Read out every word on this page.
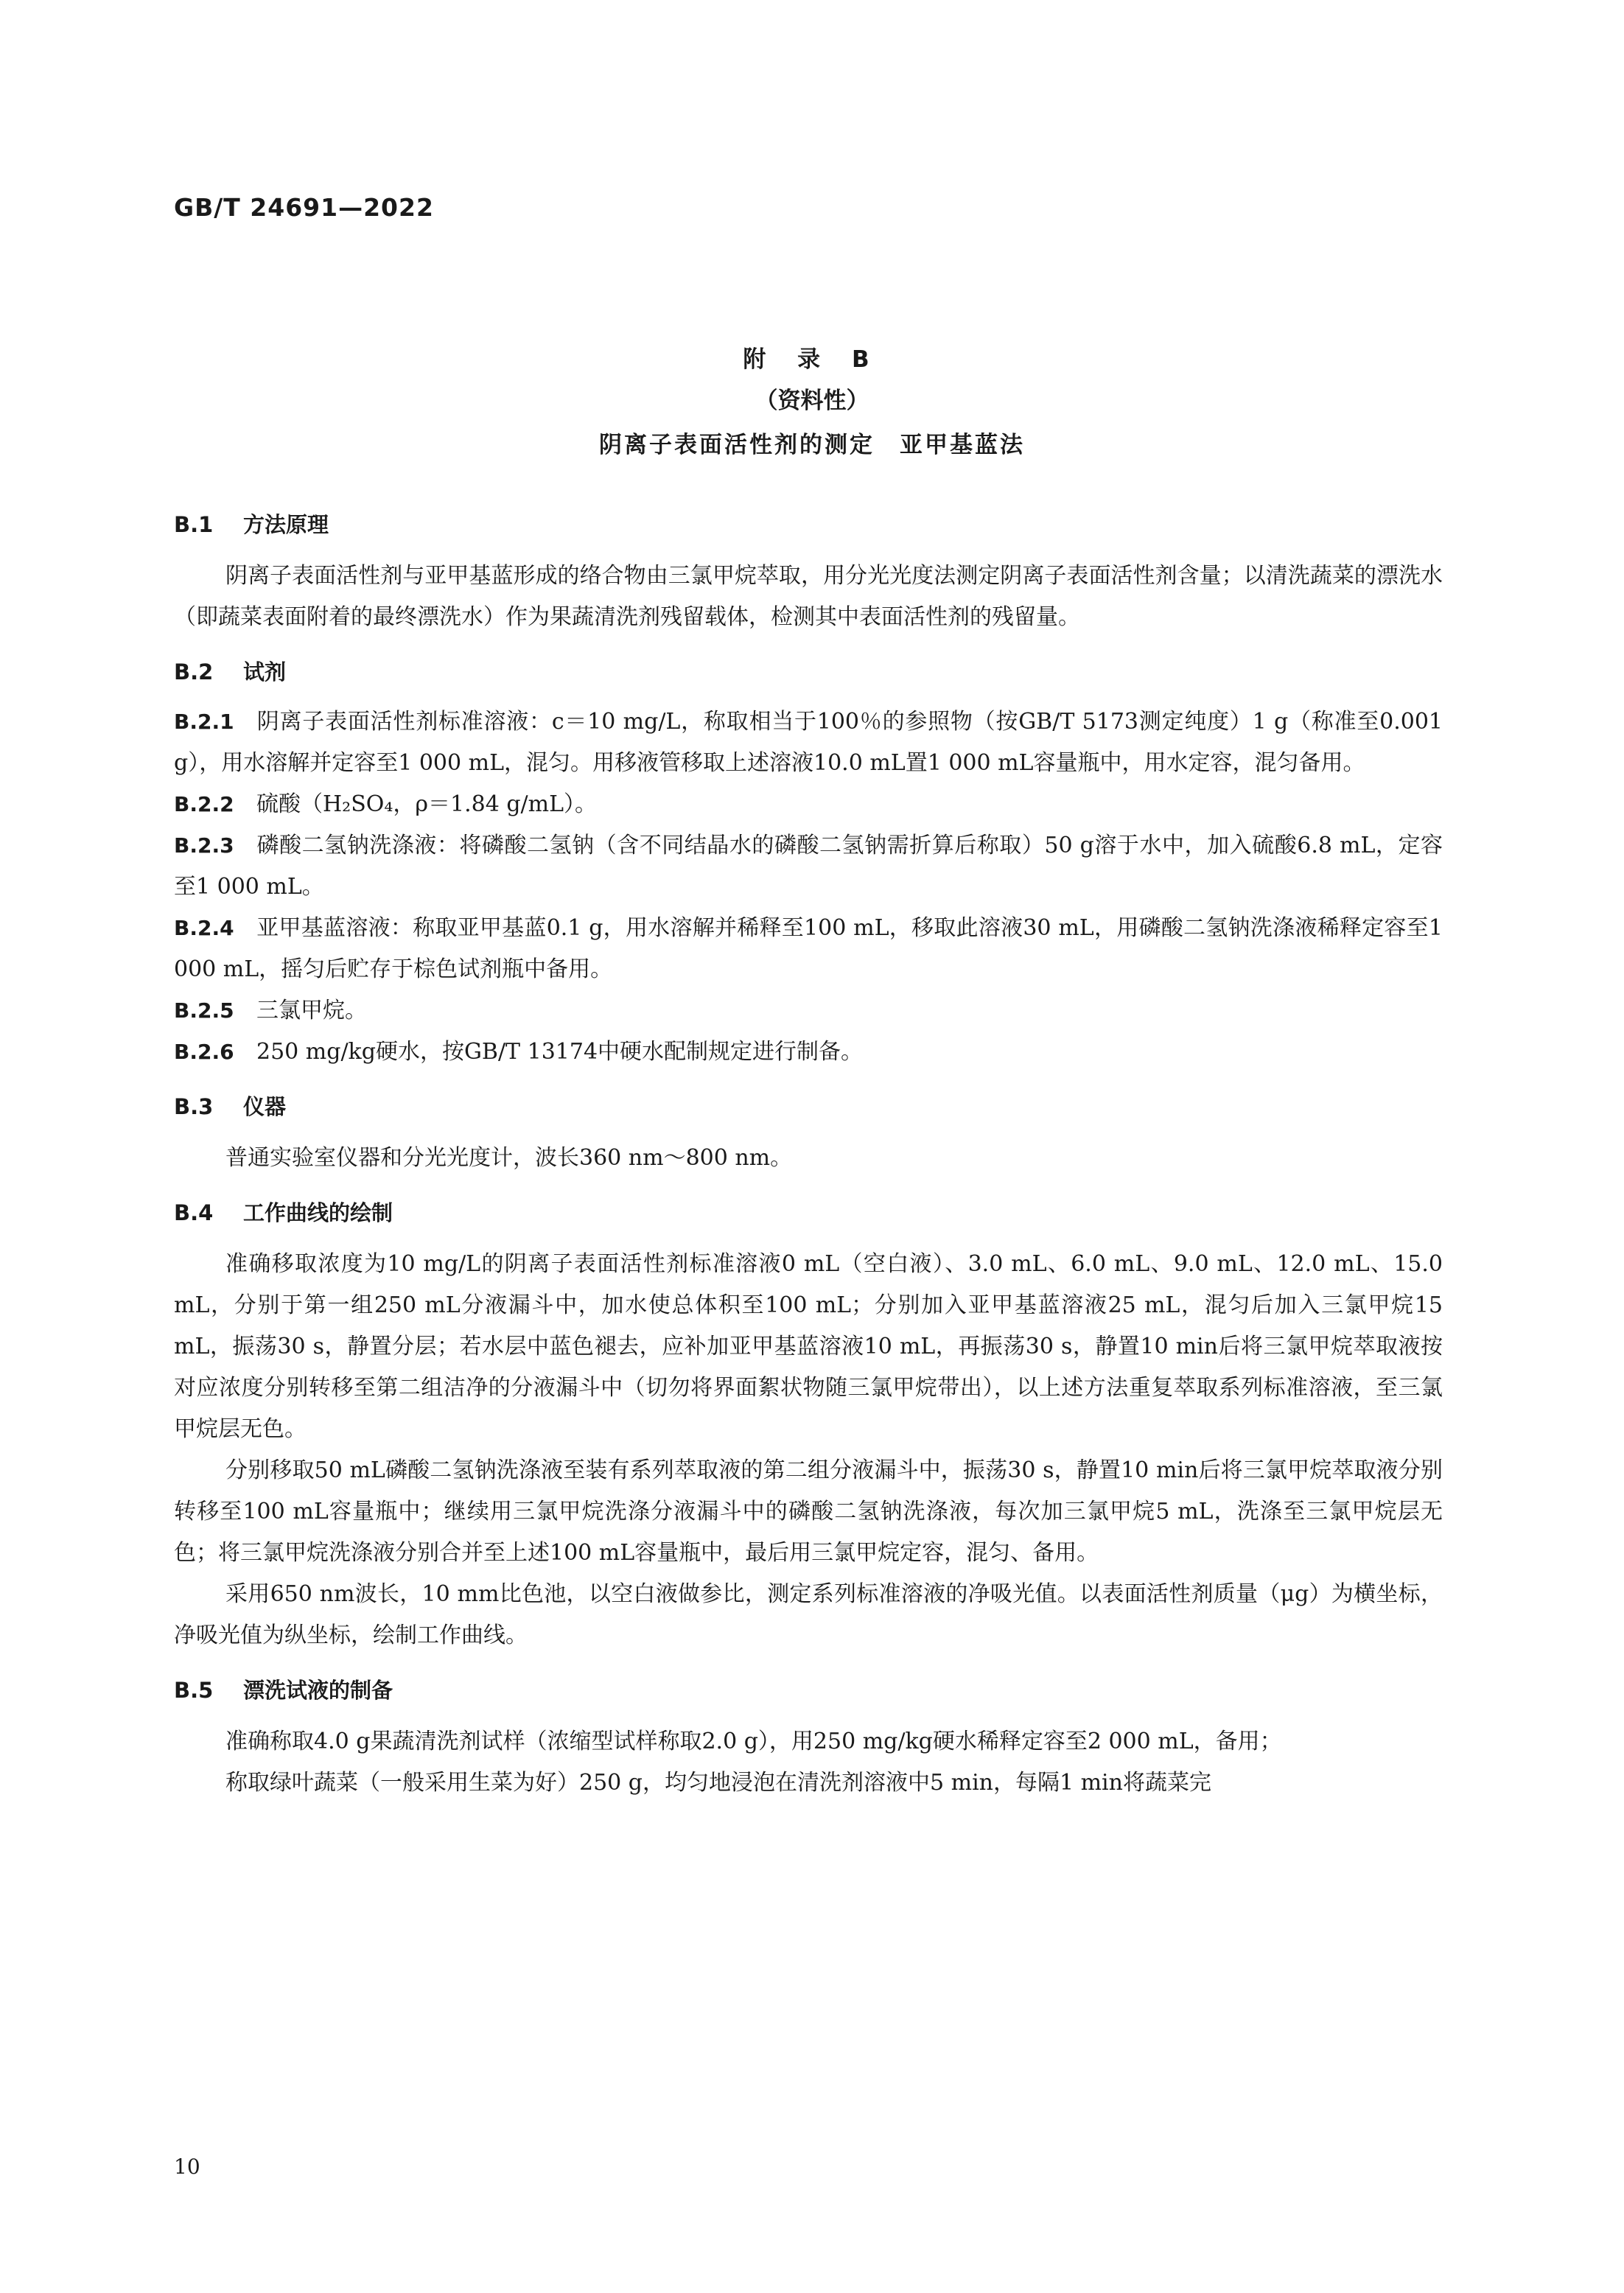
GB/T 24691—2022
附 录 B
（资料性）
阴离子表面活性剂的测定　亚甲基蓝法
B.1 方法原理

阴离子表面活性剂与亚甲基蓝形成的络合物由三氯甲烷萃取，用分光光度法测定阴离子表面活性剂含量；以清洗蔬菜的漂洗水（即蔬菜表面附着的最终漂洗水）作为果蔬清洗剂残留载体，检测其中表面活性剂的残留量。

B.2 试剂

B.2.1 阴离子表面活性剂标准溶液：c＝10 mg/L，称取相当于100％的参照物（按GB/T 5173测定纯度）1 g（称准至0.001 g），用水溶解并定容至1 000 mL，混匀。用移液管移取上述溶液10.0 mL置1 000 mL容量瓶中，用水定容，混匀备用。

B.2.2 硫酸（H₂SO₄，ρ＝1.84 g/mL）。

B.2.3 磷酸二氢钠洗涤液：将磷酸二氢钠（含不同结晶水的磷酸二氢钠需折算后称取）50 g溶于水中，加入硫酸6.8 mL，定容至1 000 mL。

B.2.4 亚甲基蓝溶液：称取亚甲基蓝0.1 g，用水溶解并稀释至100 mL，移取此溶液30 mL，用磷酸二氢钠洗涤液稀释定容至1 000 mL，摇匀后贮存于棕色试剂瓶中备用。

B.2.5 三氯甲烷。

B.2.6 250 mg/kg硬水，按GB/T 13174中硬水配制规定进行制备。

B.3 仪器

普通实验室仪器和分光光度计，波长360 nm～800 nm。

B.4 工作曲线的绘制

准确移取浓度为10 mg/L的阴离子表面活性剂标准溶液0 mL（空白液）、3.0 mL、6.0 mL、9.0 mL、12.0 mL、15.0 mL，分别于第一组250 mL分液漏斗中，加水使总体积至100 mL；分别加入亚甲基蓝溶液25 mL，混匀后加入三氯甲烷15 mL，振荡30 s，静置分层；若水层中蓝色褪去，应补加亚甲基蓝溶液10 mL，再振荡30 s，静置10 min后将三氯甲烷萃取液按对应浓度分别转移至第二组洁净的分液漏斗中（切勿将界面絮状物随三氯甲烷带出），以上述方法重复萃取系列标准溶液，至三氯甲烷层无色。

分别移取50 mL磷酸二氢钠洗涤液至装有系列萃取液的第二组分液漏斗中，振荡30 s，静置10 min后将三氯甲烷萃取液分别转移至100 mL容量瓶中；继续用三氯甲烷洗涤分液漏斗中的磷酸二氢钠洗涤液，每次加三氯甲烷5 mL，洗涤至三氯甲烷层无色；将三氯甲烷洗涤液分别合并至上述100 mL容量瓶中，最后用三氯甲烷定容，混匀、备用。

采用650 nm波长，10 mm比色池，以空白液做参比，测定系列标准溶液的净吸光值。以表面活性剂质量（μg）为横坐标，净吸光值为纵坐标，绘制工作曲线。

B.5 漂洗试液的制备

准确称取4.0 g果蔬清洗剂试样（浓缩型试样称取2.0 g），用250 mg/kg硬水稀释定容至2 000 mL，备用；

称取绿叶蔬菜（一般采用生菜为好）250 g，均匀地浸泡在清洗剂溶液中5 min，每隔1 min将蔬菜完

10
